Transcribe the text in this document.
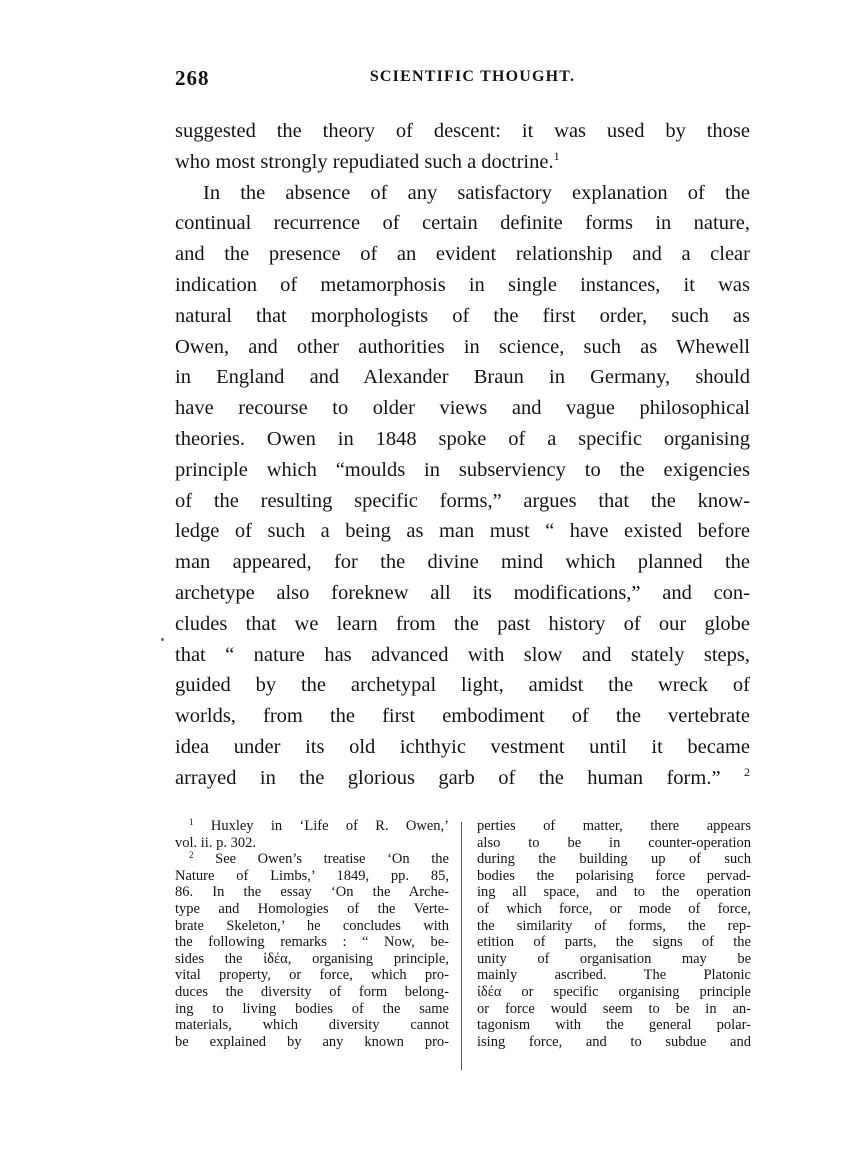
268	SCIENTIFIC THOUGHT.
suggested the theory of descent: it was used by those
who most strongly repudiated such a doctrine.$^1$
In the absence of any satisfactory explanation of the
continual recurrence of certain definite forms in nature,
and the presence of an evident relationship and a clear
indication of metamorphosis in single instances, it was
natural that morphologists of the first order, such as
Owen, and other authorities in science, such as Whewell
in England and Alexander Braun in Germany, should
have recourse to older views and vague philosophical
theories. Owen in 1848 spoke of a specific organising
principle which “moulds in subserviency to the exigencies
of the resulting specific forms,” argues that the know-
ledge of such a being as man must “ have existed before
man appeared, for the divine mind which planned the
archetype also foreknew all its modifications,” and con-
cludes that we learn from the past history of our globe
that “ nature has advanced with slow and stately steps,
guided by the archetypal light, amidst the wreck of
worlds, from the first embodiment of the vertebrate
idea under its old ichthyic vestment until it became
arrayed in the glorious garb of the human form.” $^2$
$^1$ Huxley in ‘Life of R. Owen,’
vol. ii. p. 302.
$^2$ See Owen’s treatise ‘On the
Nature of Limbs,’ 1849, pp. 85,
86. In the essay ‘On the Arche-
type and Homologies of the Verte-
brate Skeleton,’ he concludes with
the following remarks : “ Now, be-
sides the ἰδέα, organising principle,
vital property, or force, which pro-
duces the diversity of form belong-
ing to living bodies of the same
materials, which diversity cannot
be explained by any known pro-
perties of matter, there appears
also to be in counter-operation
during the building up of such
bodies the polarising force pervad-
ing all space, and to the operation
of which force, or mode of force,
the similarity of forms, the rep-
etition of parts, the signs of the
unity of organisation may be
mainly ascribed. The Platonic
ἰδέα or specific organising principle
or force would seem to be in an-
tagonism with the general polar-
ising force, and to subdue and
